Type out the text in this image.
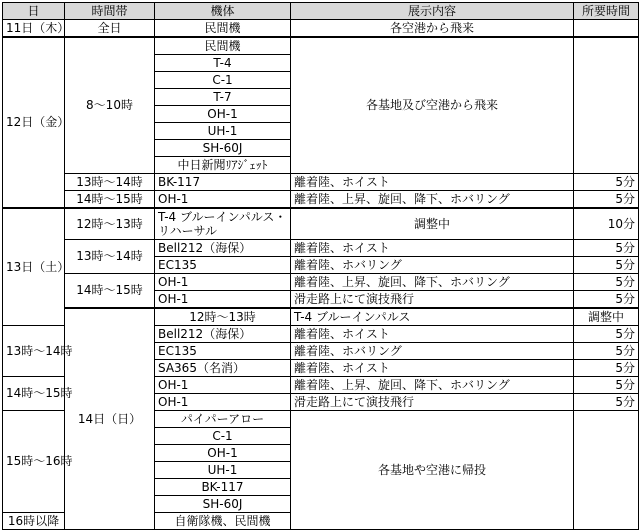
日	時間帯	機体	展示内容	所要時間	
11日（木）	全日	民間機	各空港から飛来		
12日（金）	8～10時	民間機	各基地及び空港から飛来		
		T-4			
		C-1			
		T-7			
		OH-1			
		UH-1			
		SH-60J			
		中日新聞ﾘｱｼﾞｪｯﾄ			
	13時～14時	BK-117	離着陸、ホイスト	5分	
	14時～15時	OH-1	離着陸、上昇、旋回、降下、ホバリング	5分	
13日（土）	12時～13時	T-4 ブルーインパルス・リハーサル	調整中	10分	
	13時～14時	Bell212（海保）	離着陸、ホイスト	5分	
		EC135	離着陸、ホバリング	5分	
	14時～15時	OH-1	離着陸、上昇、旋回、降下、ホバリング	5分	
		OH-1	滑走路上にて演技飛行	5分	
	14日（日）	12時～13時	T-4 ブルーインパルス	調整中	
13時～14時		Bell212（海保）	離着陸、ホイスト	5分	
		EC135	離着陸、ホバリング	5分	
		SA365（名消）	離着陸、ホイスト	5分	
14時～15時		OH-1	離着陸、上昇、旋回、降下、ホバリング	5分	
		OH-1	滑走路上にて演技飛行	5分	
15時～16時		パイパーアロー	各基地や空港に帰投		
		C-1			
		OH-1			
		UH-1			
		BK-117			
		SH-60J			
16時以降		自衛隊機、民間機			
